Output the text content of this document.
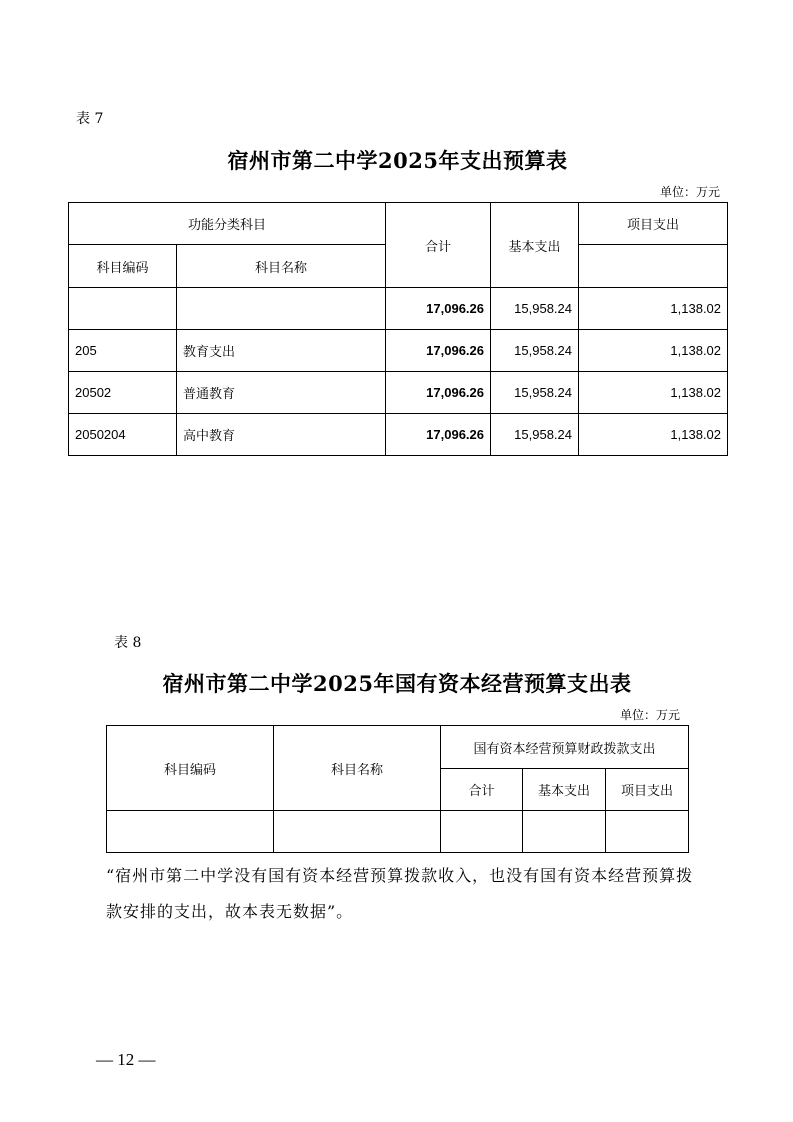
表 7
宿州市第二中学2025年支出预算表
单位：万元
功能分类科目		合计	基本支出	项目支出
科目编码	科目名称			
		17,096.26	15,958.24	1,138.02
205	教育支出	17,096.26	15,958.24	1,138.02
20502	普通教育	17,096.26	15,958.24	1,138.02
2050204	高中教育	17,096.26	15,958.24	1,138.02
表 8
宿州市第二中学2025年国有资本经营预算支出表
单位：万元
科目编码	科目名称	国有资本经营预算财政拨款支出		
		合计	基本支出	项目支出

“宿州市第二中学没有国有资本经营预算拨款收入，也没有国有资本经营预算拨款安排的支出，故本表无数据”。
— 12 —
